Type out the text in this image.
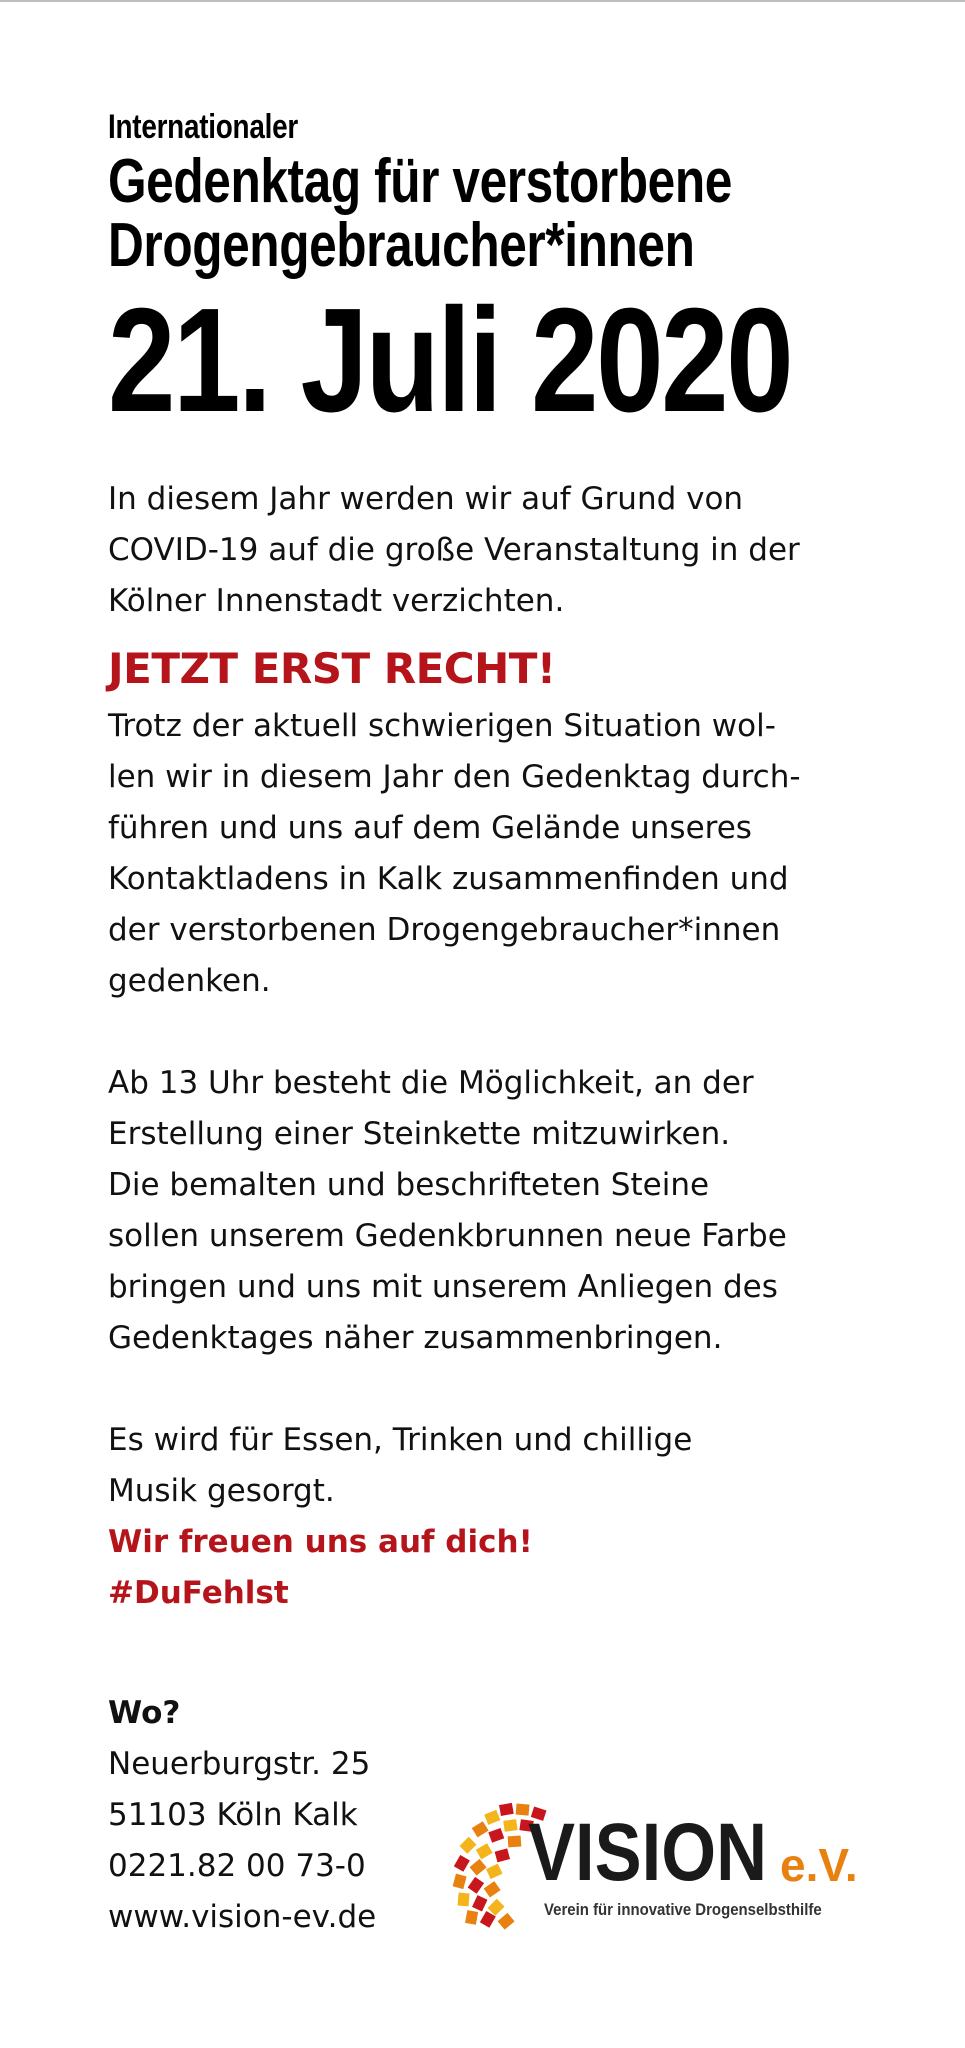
Internationaler
Gedenktag für verstorbene
Drogengebraucher*innen
21. Juli 2020

In diesem Jahr werden wir auf Grund von

COVID-19 auf die große Veranstaltung in der

Kölner Innenstadt verzichten.

JETZT ERST RECHT!

Trotz der aktuell schwierigen Situation wol-

len wir in diesem Jahr den Gedenktag durch-

führen und uns auf dem Gelände unseres

Kontaktladens in Kalk zusammenfinden und

der verstorbenen Drogengebraucher*innen

gedenken.

Ab 13 Uhr besteht die Möglichkeit, an der

Erstellung einer Steinkette mitzuwirken.

Die bemalten und beschrifteten Steine

sollen unserem Gedenkbrunnen neue Farbe

bringen und uns mit unserem Anliegen des

Gedenktages näher zusammenbringen.

Es wird für Essen, Trinken und chillige

Musik gesorgt.

Wir freuen uns auf dich!

#DuFehlst

Wo?
Neuerburgstr. 25
51103 Köln Kalk
0221.82 00 73-0
www.vision-ev.de
VISION e.V.
Verein für innovative Drogenselbsthilfe
